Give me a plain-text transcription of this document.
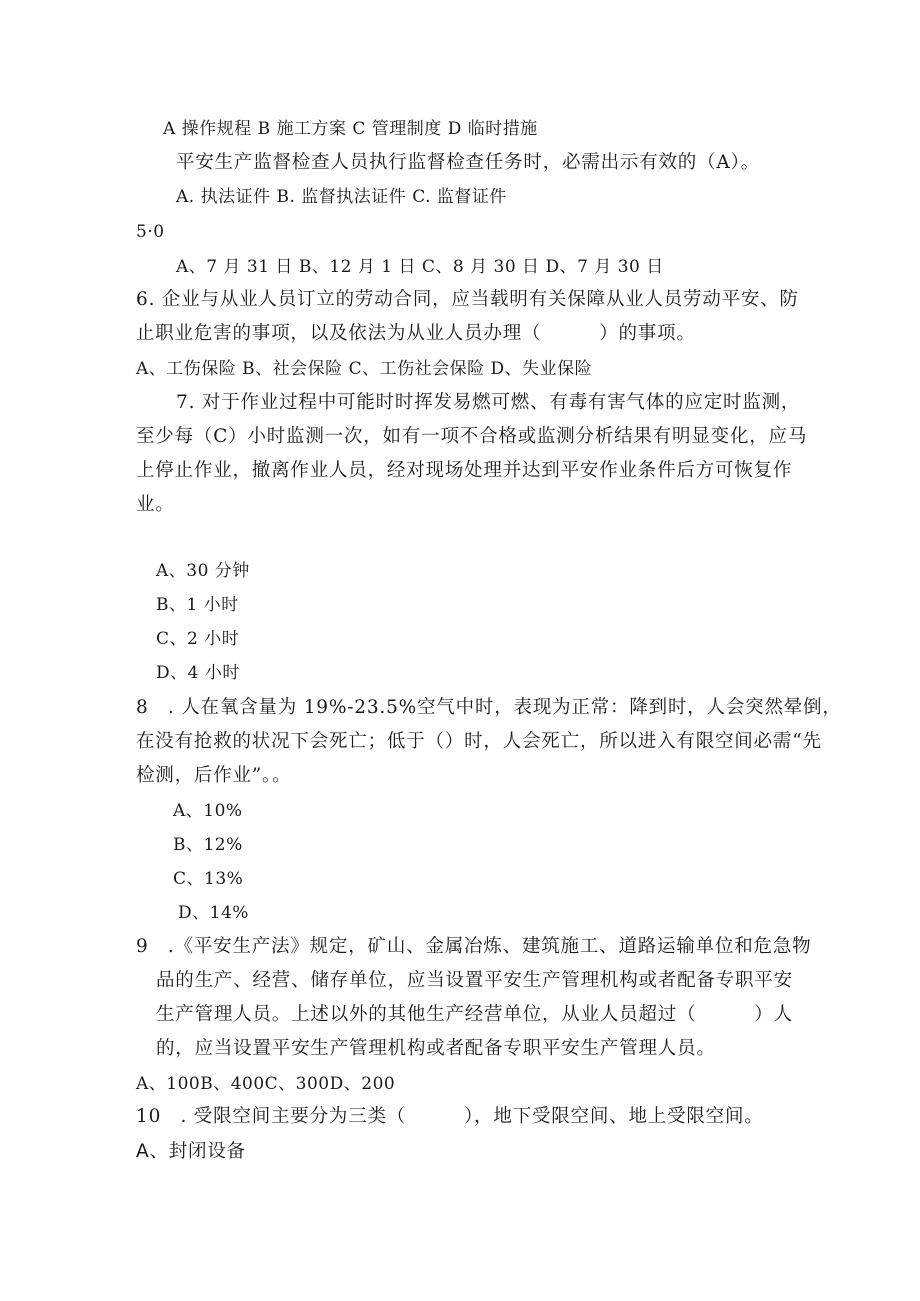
A 操作规程 B 施工方案 C 管理制度 D 临时措施
平安生产监督检查人员执行监督检查任务时，必需出示有效的（A）。
A. 执法证件 B. 监督执法证件 C. 监督证件
5·0
A、7 月 31 日 B、12 月 1 日 C、8 月 30 日 D、7 月 30 日
6. 企业与从业人员订立的劳动合同，应当载明有关保障从业人员劳动平安、防
止职业危害的事项，以及依法为从业人员办理（　　　）的事项。
A、工伤保险 B、社会保险 C、工伤社会保险 D、失业保险
7. 对于作业过程中可能时时挥发易燃可燃、有毒有害气体的应定时监测，
至少每（C）小时监测一次，如有一项不合格或监测分析结果有明显变化，应马
上停止作业，撤离作业人员，经对现场处理并达到平安作业条件后方可恢复作
业。
A、30 分钟
B、1 小时
C、2 小时
D、4 小时
8　. 人在氧含量为 19%-23.5%空气中时，表现为正常：降到时，人会突然晕倒，
在没有抢救的状况下会死亡；低于（）时，人会死亡，所以进入有限空间必需“先
检测，后作业”。。
A、10%
B、12%
C、13%
D、14%
9　.《平安生产法》规定，矿山、金属冶炼、建筑施工、道路运输单位和危急物
品的生产、经营、储存单位，应当设置平安生产管理机构或者配备专职平安
生产管理人员。上述以外的其他生产经营单位，从业人员超过（　　　）人
的，应当设置平安生产管理机构或者配备专职平安生产管理人员。
A、100B、400C、300D、200
10　. 受限空间主要分为三类（　　　），地下受限空间、地上受限空间。
A、封闭设备
